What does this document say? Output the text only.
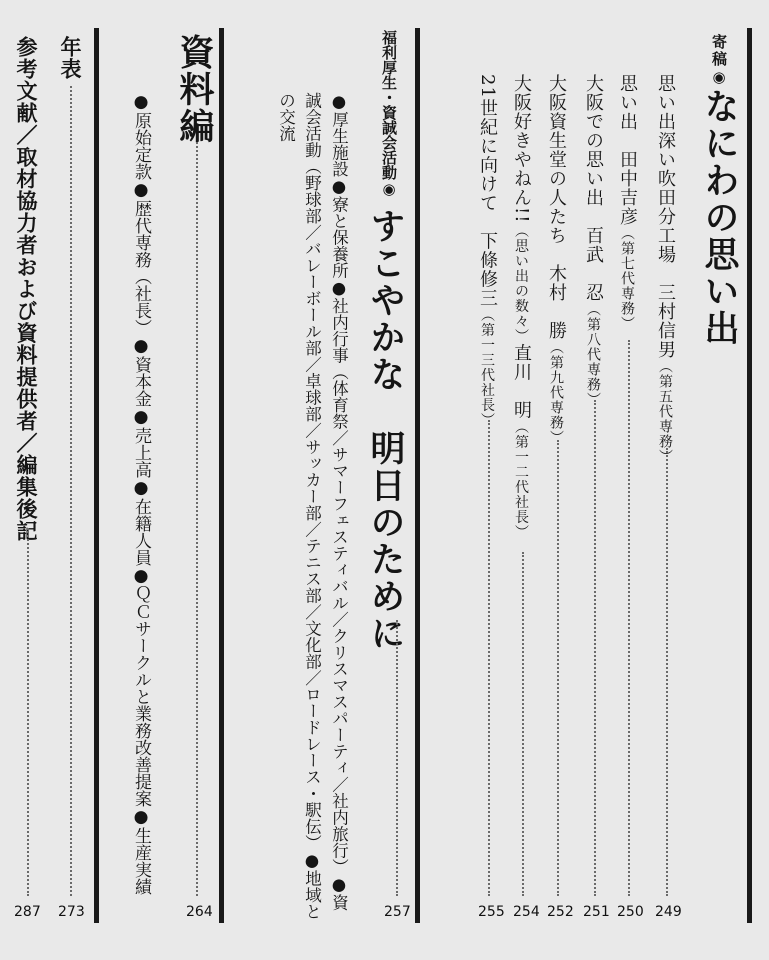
寄稿◉なにわの思い出
思い出深い吹田分工場　三村信男（第五代専務）
249
思い出　田中吉彦（第七代専務）
250
大阪での思い出　百武　忍（第八代専務）
251
大阪資生堂の人たち　木村　勝（第九代専務）
252
大阪好きやねん!!（思い出の数々）直川　明（第一二代社長）
254
21世紀に向けて　下條修三（第一三代社長）
255
福利厚生・資誠会活動◉
すこやかな　明日のために
●厚生施設●寮と保養所●社内行事（体育祭／サマーフェスティバル／クリスマスパーティ／社内旅行）●資
誠会活動（野球部／バレーボール部／卓球部／サッカー部／テニス部／文化部／ロードレース・駅伝）●地域と
の交流
257
資料編
●原始定款●歴代専務（社長）●資本金●売上高●在籍人員●ＱＣサークルと業務改善提案●生産実績
264
年表
273
参考文献／取材協力者および資料提供者／編集後記
287
